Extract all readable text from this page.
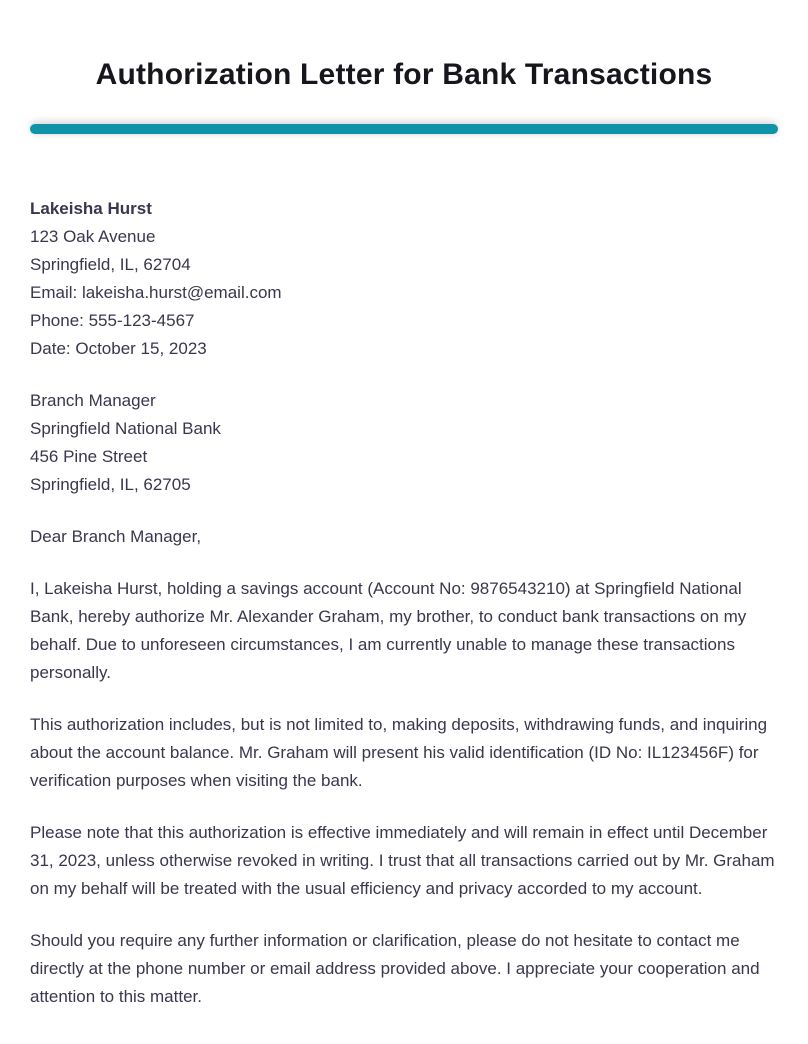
Authorization Letter for Bank Transactions

Lakeisha Hurst

123 Oak Avenue

Springfield, IL, 62704

Email: lakeisha.hurst@email.com

Phone: 555-123-4567

Date: October 15, 2023

Branch Manager

Springfield National Bank

456 Pine Street

Springfield, IL, 62705

Dear Branch Manager,

I, Lakeisha Hurst, holding a savings account (Account No: 9876543210) at Springfield National Bank, hereby authorize Mr. Alexander Graham, my brother, to conduct bank transactions on my behalf. Due to unforeseen circumstances, I am currently unable to manage these transactions personally.

This authorization includes, but is not limited to, making deposits, withdrawing funds, and inquiring about the account balance. Mr. Graham will present his valid identification (ID No: IL123456F) for verification purposes when visiting the bank.

Please note that this authorization is effective immediately and will remain in effect until December 31, 2023, unless otherwise revoked in writing. I trust that all transactions carried out by Mr. Graham on my behalf will be treated with the usual efficiency and privacy accorded to my account.

Should you require any further information or clarification, please do not hesitate to contact me directly at the phone number or email address provided above. I appreciate your cooperation and attention to this matter.
